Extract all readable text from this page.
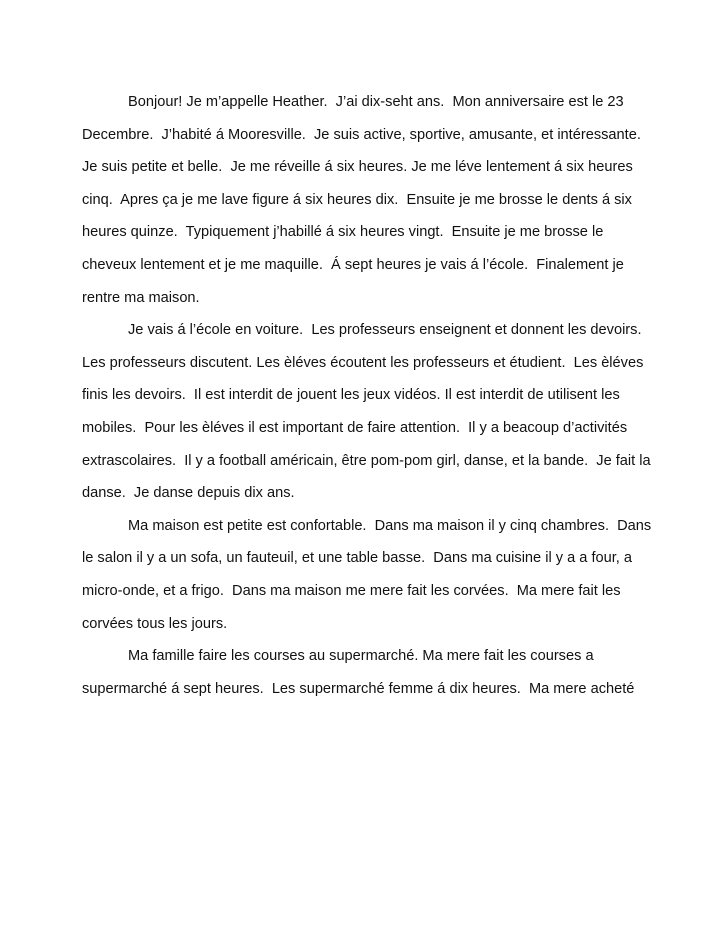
Bonjour! Je m’appelle Heather.  J’ai dix-seht ans.  Mon anniversaire est le 23
Decembre.  J’habité á Mooresville.  Je suis active, sportive, amusante, et intéressante.
Je suis petite et belle.  Je me réveille á six heures. Je me léve lentement á six heures
cinq.  Apres ça je me lave figure á six heures dix.  Ensuite je me brosse le dents á six
heures quinze.  Typiquement j’habillé á six heures vingt.  Ensuite je me brosse le
cheveux lentement et je me maquille.  Á sept heures je vais á l’école.  Finalement je
rentre ma maison.
Je vais á l’école en voiture.  Les professeurs enseignent et donnent les devoirs.
Les professeurs discutent. Les èléves écoutent les professeurs et étudient.  Les èléves
finis les devoirs.  Il est interdit de jouent les jeux vidéos. Il est interdit de utilisent les
mobiles.  Pour les èléves il est important de faire attention.  Il y a beacoup d’activités
extrascolaires.  Il y a football américain, être pom-pom girl, danse, et la bande.  Je fait la
danse.  Je danse depuis dix ans.
Ma maison est petite est confortable.  Dans ma maison il y cinq chambres.  Dans
le salon il y a un sofa, un fauteuil, et une table basse.  Dans ma cuisine il y a a four, a
micro-onde, et a frigo.  Dans ma maison me mere fait les corvées.  Ma mere fait les
corvées tous les jours.
Ma famille faire les courses au supermarché. Ma mere fait les courses a
supermarché á sept heures.  Les supermarché femme á dix heures.  Ma mere acheté
